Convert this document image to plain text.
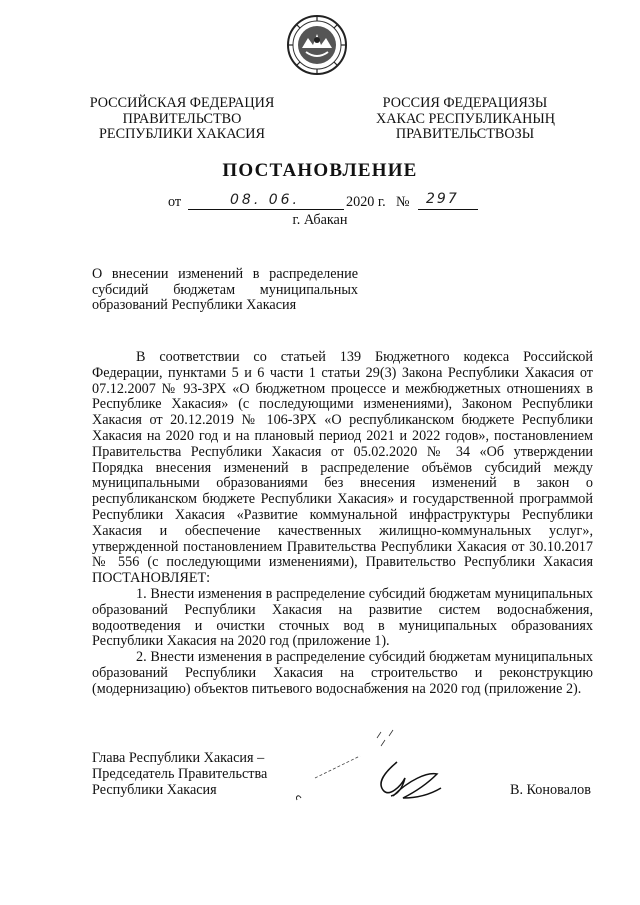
РОССИЙСКАЯ ФЕДЕРАЦИЯ
ПРАВИТЕЛЬСТВО
РЕСПУБЛИКИ ХАКАСИЯ
РОССИЯ ФЕДЕРАЦИЯЗЫ
ХАКАС РЕСПУБЛИКАНЫҢ
ПРАВИТЕЛЬСТВОЗЫ
ПОСТАНОВЛЕНИЕ
от	08. 06.	2020 г. № 297
г. Абакан
О внесении изменений в распределение
субсидий бюджетам муниципальных
образований Республики Хакасия

В соответствии со статьей 139 Бюджетного кодекса Российской Федерации, пунктами 5 и 6 части 1 статьи 29(3) Закона Республики Хакасия от 07.12.2007 № 93-ЗРХ «О бюджетном процессе и межбюджетных отношениях в Республике Хакасия» (с последующими изменениями), Законом Республики Хакасия от 20.12.2019 № 106-ЗРХ «О республиканском бюджете Республики Хакасия на 2020 год и на плановый период 2021 и 2022 годов», постановлением Правительства Республики Хакасия от 05.02.2020 № 34 «Об утверждении Порядка внесения изменений в распределение объёмов субсидий между муниципальными образованиями без внесения изменений в закон о республиканском бюджете Республики Хакасия» и государственной программой Республики Хакасия «Развитие коммунальной инфраструктуры Республики Хакасия и обеспечение качественных жилищно-коммунальных услуг», утвержденной постановлением Правительства Республики Хакасия от 30.10.2017 № 556 (с последующими изменениями), Правительство Республики Хакасия ПОСТАНОВЛЯЕТ:

1. Внести изменения в распределение субсидий бюджетам муниципальных образований Республики Хакасия на развитие систем водоснабжения, водоотведения и очистки сточных вод в муниципальных образованиях Республики Хакасия на 2020 год (приложение 1).

2. Внести изменения в распределение субсидий бюджетам муниципальных образований Республики Хакасия на строительство и реконструкцию (модернизацию) объектов питьевого водоснабжения на 2020 год (приложение 2).

Глава Республики Хакасия –
Председатель Правительства
Республики Хакасия	В. Коновалов
